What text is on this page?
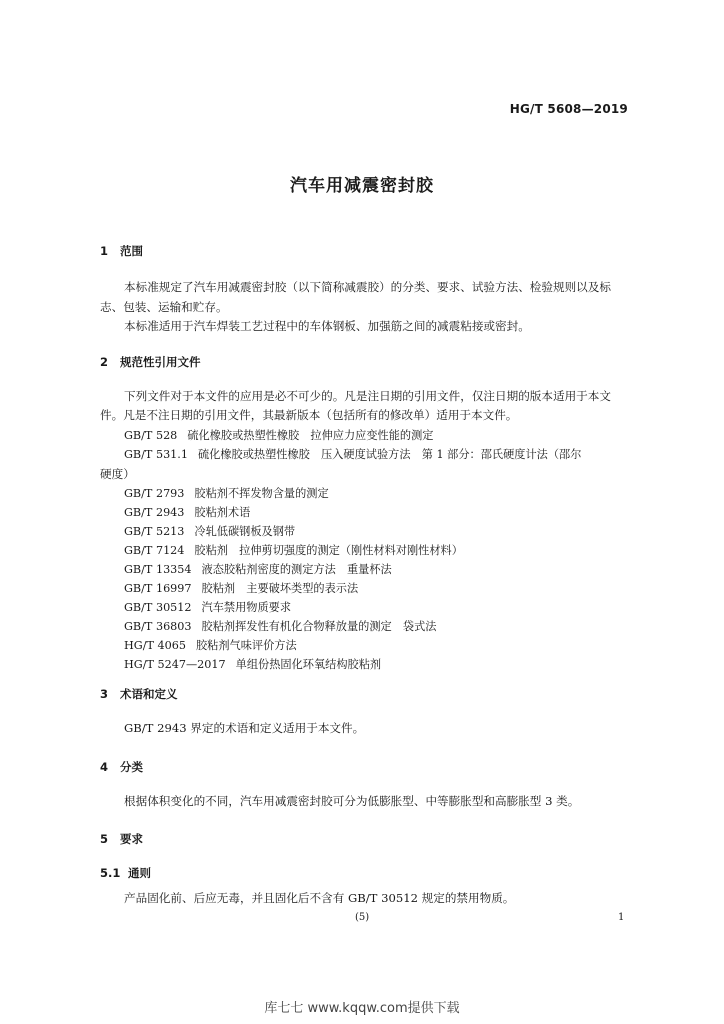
HG/T 5608—2019
汽车用减震密封胶
1 范围
本标准规定了汽车用减震密封胶（以下简称减震胶）的分类、要求、试验方法、检验规则以及标
志、包装、运输和贮存。
本标准适用于汽车焊装工艺过程中的车体钢板、加强筋之间的减震粘接或密封。
2 规范性引用文件
下列文件对于本文件的应用是必不可少的。凡是注日期的引用文件，仅注日期的版本适用于本文
件。凡是不注日期的引用文件，其最新版本（包括所有的修改单）适用于本文件。
GB/T 528 硫化橡胶或热塑性橡胶　拉伸应力应变性能的测定
GB/T 531.1 硫化橡胶或热塑性橡胶　压入硬度试验方法　第 1 部分：邵氏硬度计法（邵尔
硬度）
GB/T 2793 胶粘剂不挥发物含量的测定
GB/T 2943 胶粘剂术语
GB/T 5213 冷轧低碳钢板及钢带
GB/T 7124 胶粘剂　拉伸剪切强度的测定（刚性材料对刚性材料）
GB/T 13354 液态胶粘剂密度的测定方法　重量杯法
GB/T 16997 胶粘剂　主要破坏类型的表示法
GB/T 30512 汽车禁用物质要求
GB/T 36803 胶粘剂挥发性有机化合物释放量的测定　袋式法
HG/T 4065 胶粘剂气味评价方法
HG/T 5247—2017 单组份热固化环氧结构胶粘剂
3 术语和定义
GB/T 2943 界定的术语和定义适用于本文件。
4 分类
根据体积变化的不同，汽车用减震密封胶可分为低膨胀型、中等膨胀型和高膨胀型 3 类。
5 要求
5.1 通则
产品固化前、后应无毒，并且固化后不含有 GB/T 30512 规定的禁用物质。
(5)	1
库七七 www.kqqw.com提供下载
